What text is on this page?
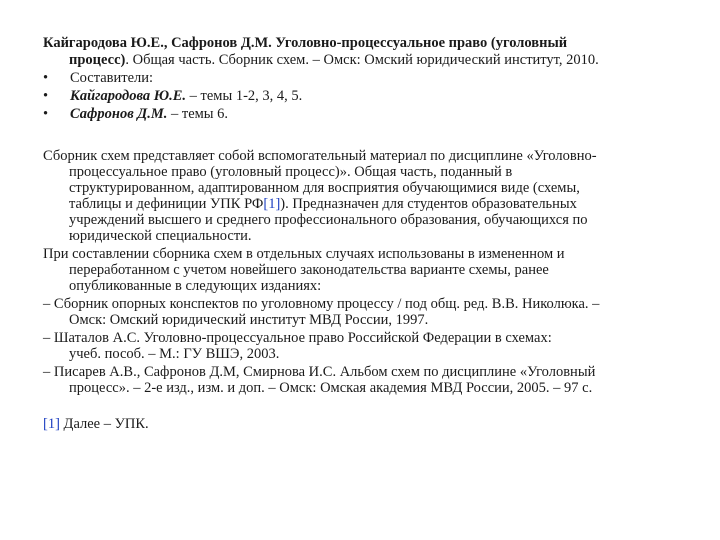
Кайгародова Ю.Е., Сафронов Д.М. Уголовно-процессуальное право (уголовный
процесс). Общая часть. Сборник схем. – Омск: Омский юридический институт, 2010.
• Составители:
• Кайгародова Ю.Е. – темы 1-2, 3, 4, 5.
• Сафронов Д.М. – темы 6.
Сборник схем представляет собой вспомогательный материал по дисциплине «Уголовно-
процессуальное право (уголовный процесс)». Общая часть, поданный в
структурированном, адаптированном для восприятия обучающимися виде (схемы,
таблицы и дефиниции УПК РФ[1]). Предназначен для студентов образовательных
учреждений высшего и среднего профессионального образования, обучающихся по
юридической специальности.
При составлении сборника схем в отдельных случаях использованы в измененном и
переработанном с учетом новейшего законодательства варианте схемы, ранее
опубликованные в следующих изданиях:
– Сборник опорных конспектов по уголовному процессу / под общ. ред. В.В. Николюка. –
Омск: Омский юридический институт МВД России, 1997.
– Шаталов А.С. Уголовно-процессуальное право Российской Федерации в схемах:
учеб. пособ. – М.: ГУ ВШЭ, 2003.
– Писарев А.В., Сафронов Д.М, Смирнова И.С. Альбом схем по дисциплине «Уголовный
процесс». – 2-е изд., изм. и доп. – Омск: Омская академия МВД России, 2005. – 97 с.
[1] Далее – УПК.
